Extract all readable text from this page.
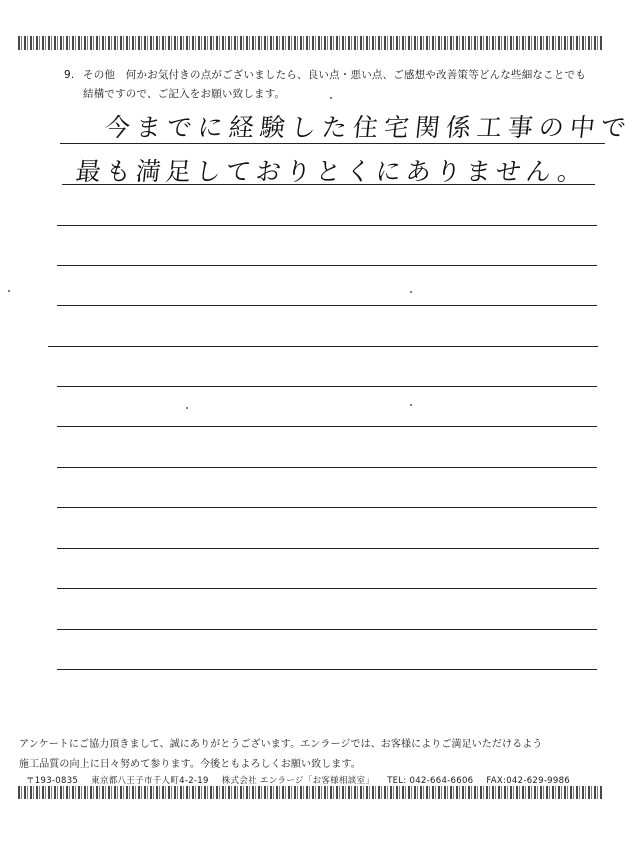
9. その他　何かお気付きの点がございましたら、良い点・悪い点、ご感想や改善策等どんな些細なことでも
結構ですので、ご記入をお願い致します。
今までに経験した住宅関係工事の中で
最も満足しておりとくにありません。
アンケートにご協力頂きまして、誠にありがとうございます。エンラージでは、お客様によりご満足いただけるよう
施工品質の向上に日々努めて参ります。今後ともよろしくお願い致します。
〒193-0835 東京都八王子市千人町4-2-19 株式会社 エンラージ「お客様相談室」 TEL: 042-664-6606 FAX:042-629-9986
